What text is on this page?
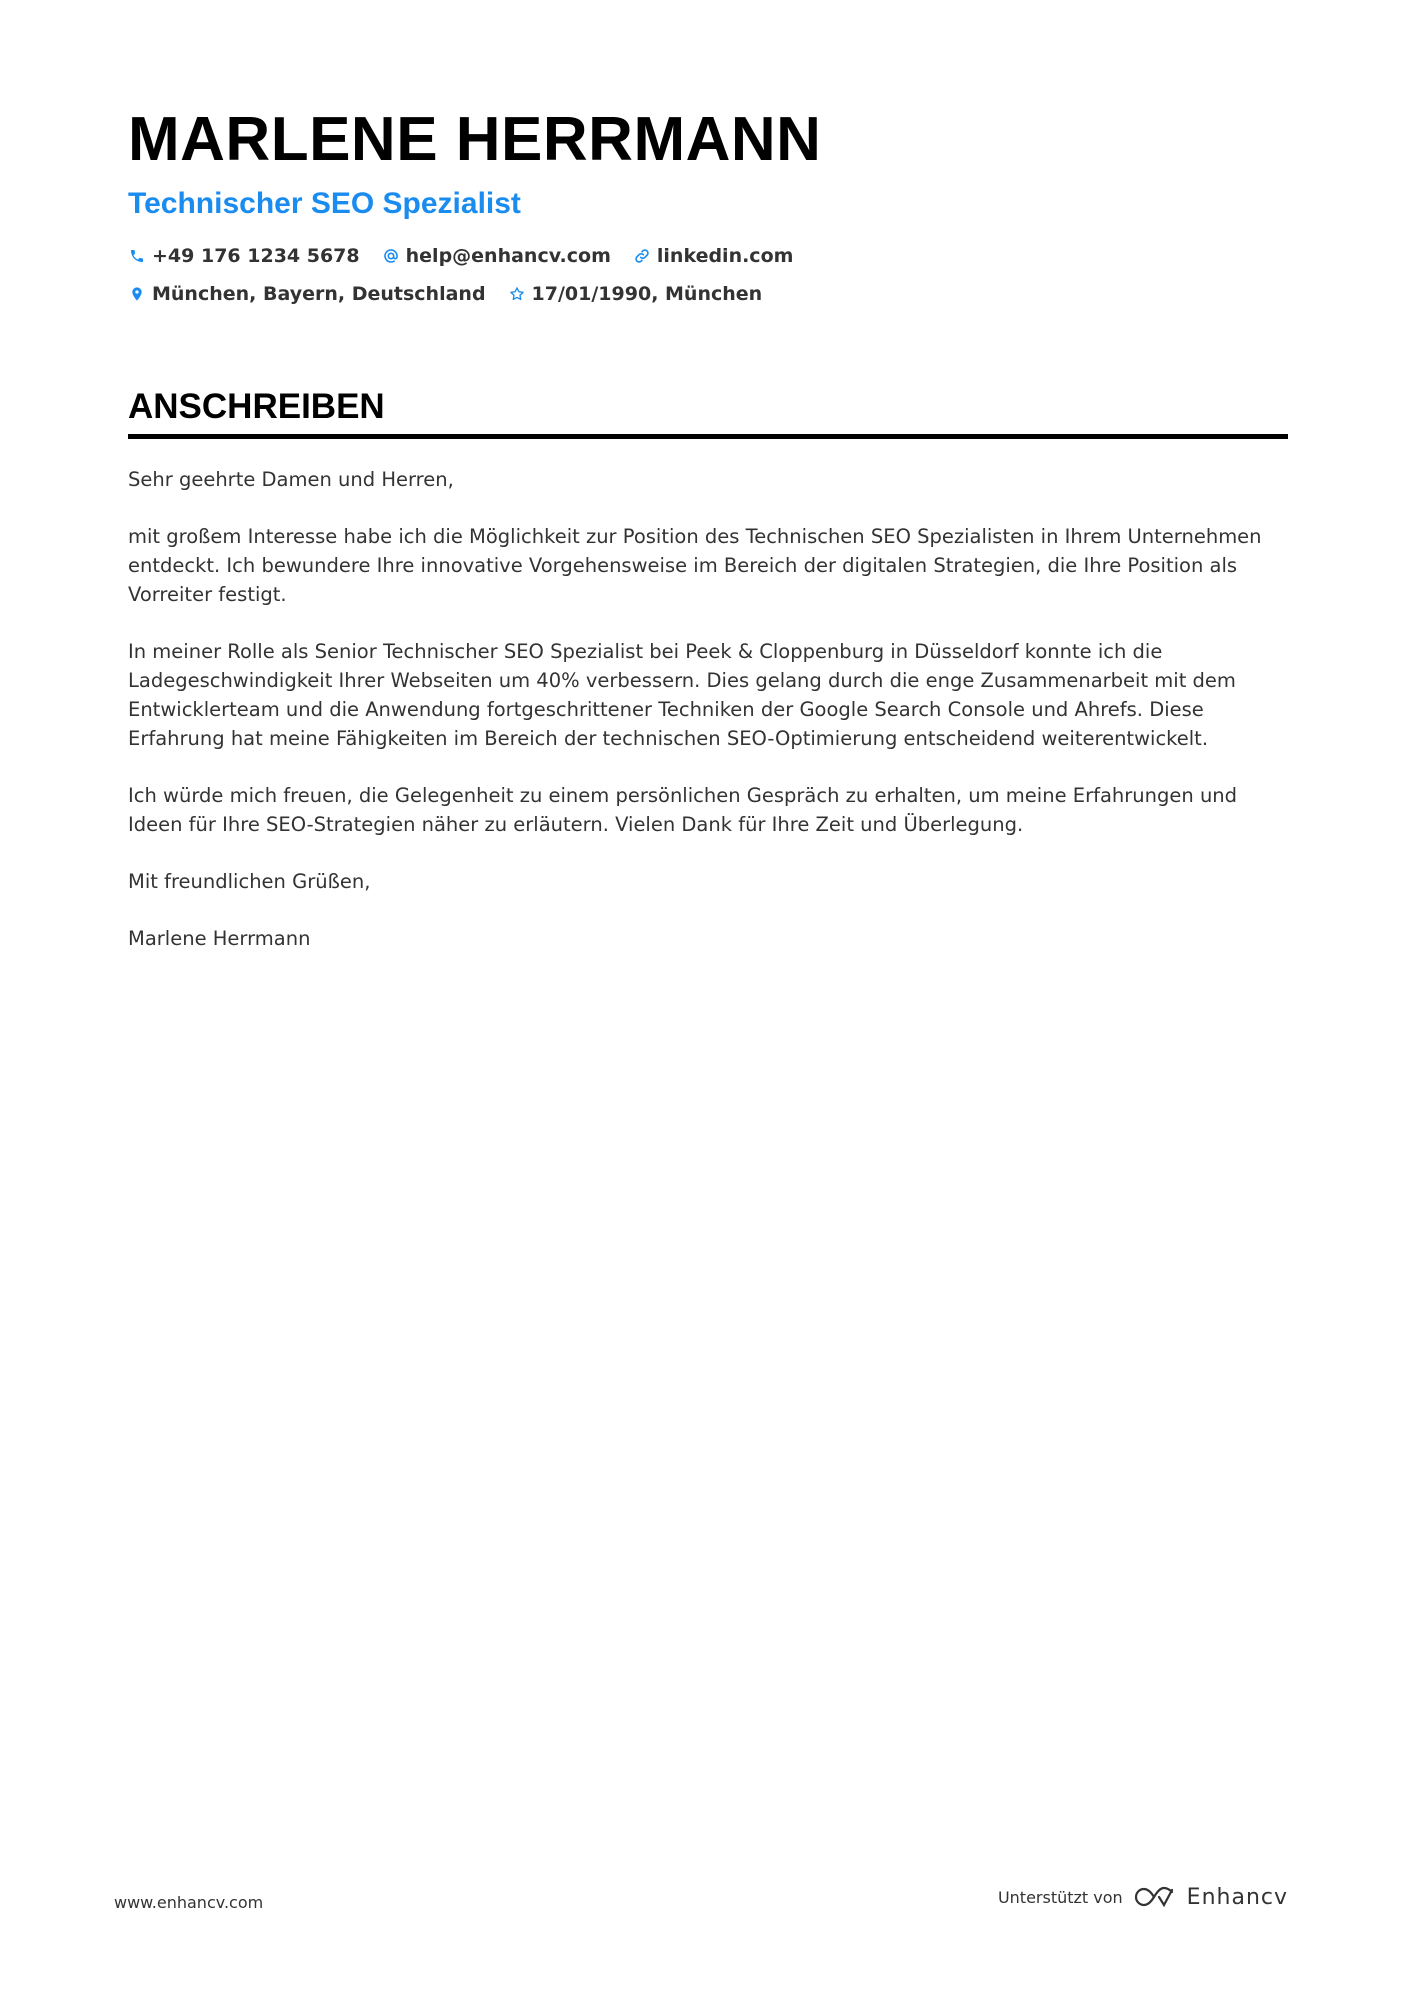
MARLENE HERRMANN
Technischer SEO Spezialist
+49 176 1234 5678 help@enhancv.com linkedin.com
München, Bayern, Deutschland 17/01/1990, München
ANSCHREIBEN

Sehr geehrte Damen und Herren,

mit großem Interesse habe ich die Möglichkeit zur Position des Technischen SEO Spezialisten in Ihrem Unternehmen entdeckt. Ich bewundere Ihre innovative Vorgehensweise im Bereich der digitalen Strategien, die Ihre Position als Vorreiter festigt.

In meiner Rolle als Senior Technischer SEO Spezialist bei Peek & Cloppenburg in Düsseldorf konnte ich die Ladegeschwindigkeit Ihrer Webseiten um 40% verbessern. Dies gelang durch die enge Zusammenarbeit mit dem Entwicklerteam und die Anwendung fortgeschrittener Techniken der Google Search Console und Ahrefs. Diese Erfahrung hat meine Fähigkeiten im Bereich der technischen SEO-Optimierung entscheidend weiterentwickelt.

Ich würde mich freuen, die Gelegenheit zu einem persönlichen Gespräch zu erhalten, um meine Erfahrungen und Ideen für Ihre SEO-Strategien näher zu erläutern. Vielen Dank für Ihre Zeit und Überlegung.

Mit freundlichen Grüßen,

Marlene Herrmann

www.enhancv.com	Unterstützt von	Enhancv
